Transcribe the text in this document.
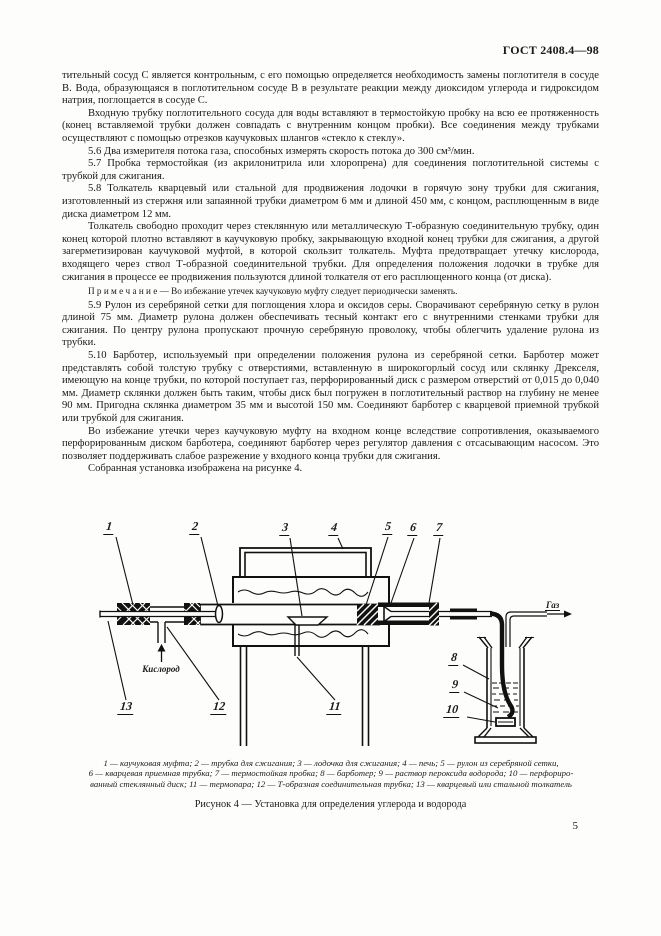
ГОСТ 2408.4—98

тительный сосуд C является контрольным, с его помощью определяется необходимость замены поглотителя в сосуде B. Вода, образующаяся в поглотительном сосуде B в результате реакции между диоксидом углерода и гидроксидом натрия, поглощается в сосуде C.

Входную трубку поглотительного сосуда для воды вставляют в термостойкую пробку на всю ее протяженность (конец вставляемой трубки должен совпадать с внутренним концом пробки). Все соединения между трубками осуществляют с помощью отрезков каучуковых шлангов «стекло к стеклу».

5.6 Два измерителя потока газа, способных измерять скорость потока до 300 см³/мин.

5.7 Пробка термостойкая (из акрилонитрила или хлоропрена) для соединения поглотительной системы с трубкой для сжигания.

5.8 Толкатель кварцевый или стальной для продвижения лодочки в горячую зону трубки для сжигания, изготовленный из стержня или запаянной трубки диаметром 6 мм и длиной 450 мм, с концом, расплющенным в виде диска диаметром 12 мм.

Толкатель свободно проходит через стеклянную или металлическую Т-образную соединительную трубку, один конец которой плотно вставляют в каучуковую пробку, закрывающую входной конец трубки для сжигания, а другой загерметизирован каучуковой муфтой, в которой скользит толкатель. Муфта предотвращает утечку кислорода, входящего через ствол Т-образной соединительной трубки. Для определения положения лодочки в трубке для сжигания в процессе ее продвижения пользуются длиной толкателя от его расплющенного конца (от диска).

П р и м е ч а н и е — Во избежание утечек каучуковую муфту следует периодически заменять.

5.9 Рулон из серебряной сетки для поглощения хлора и оксидов серы. Сворачивают серебряную сетку в рулон длиной 75 мм. Диаметр рулона должен обеспечивать тесный контакт его с внутренними стенками трубки для сжигания. По центру рулона пропускают прочную серебряную проволоку, чтобы облегчить удаление рулона из трубки.

5.10 Барботер, используемый при определении положения рулона из серебряной сетки. Барботер может представлять собой толстую трубку с отверстиями, вставленную в широкогорлый сосуд или склянку Дрекселя, имеющую на конце трубки, по которой поступает газ, перфорированный диск с размером отверстий от 0,015 до 0,040 мм. Диаметр склянки должен быть таким, чтобы диск был погружен в поглотительный раствор на глубину не менее 90 мм. Пригодна склянка диаметром 35 мм и высотой 150 мм. Соединяют барботер с кварцевой приемной трубкой или трубкой для сжигания.

Во избежание утечки через каучуковую муфту на входном конце вследствие сопротивления, оказываемого перфорированным диском барботера, соединяют барботер через регулятор давления с отсасывающим насосом. Это позволяет поддерживать слабое разрежение у входного конца трубки для сжигания.

Собранная установка изображена на рисунке 4.

1	2	3	4	5 6 7
8
9
10
11
12
13
Кислород
Газ
1 — каучуковая муфта; 2 — трубка для сжигания; 3 — лодочка для сжигания; 4 — печь; 5 — рулон из серебряной сетки,
6 — кварцевая приемная трубка; 7 — термостойкая пробка; 8 — барботер; 9 — раствор пероксида водорода; 10 — перфориро-
ванный стеклянный диск; 11 — термопара; 12 — Т-образная соединительная трубка; 13 — кварцевый или стальной толкатель
Рисунок 4 — Установка для определения углерода и водорода
5
